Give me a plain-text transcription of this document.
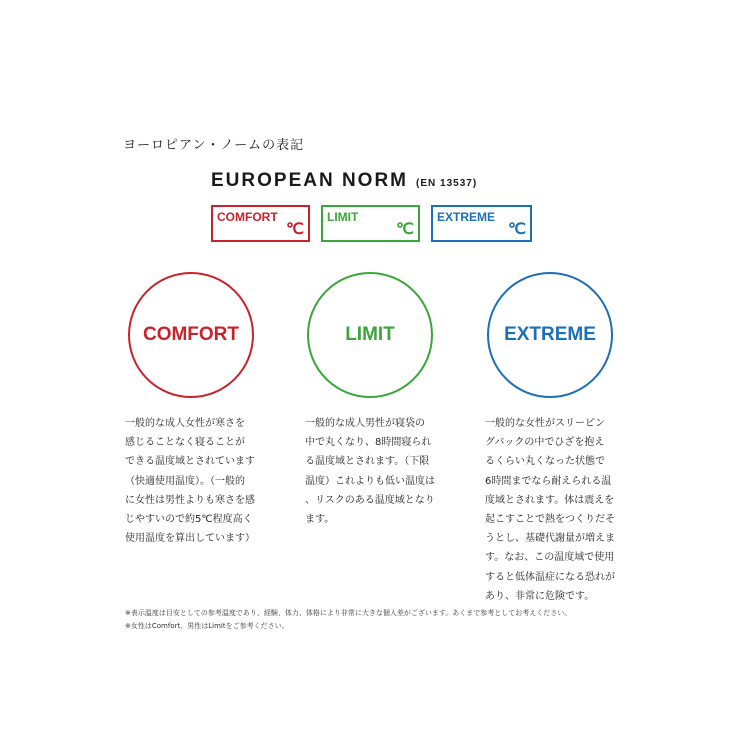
ヨーロピアン・ノームの表記
EUROPEAN NORM (EN 13537)
COMFORT
℃
LIMIT
℃
EXTREME
℃
COMFORT	LIMIT	EXTREME
一般的な成人女性が寒さを
感じることなく寝ることが
できる温度域とされています
（快適使用温度）。（一般的
に女性は男性よりも寒さを感
じやすいので約5℃程度高く
使用温度を算出しています）
一般的な成人男性が寝袋の
中で丸くなり、8時間寝られ
る温度域とされます。（下限
温度）これよりも低い温度は
、リスクのある温度域となり
ます。
一般的な女性がスリーピン
グバックの中でひざを抱え
るくらい丸くなった状態で
6時間までなら耐えられる温
度域とされます。体は震えを
起こすことで熱をつくりだそ
うとし、基礎代謝量が増えま
す。なお、この温度域で使用
すると低体温症になる恐れが
あり、非常に危険です。
※表示温度は目安としての参考温度であり、経験、体力、体格により非常に大きな個人差がございます。あくまで参考としてお考えください。
※女性はComfort、男性はLimitをご参考ください。
